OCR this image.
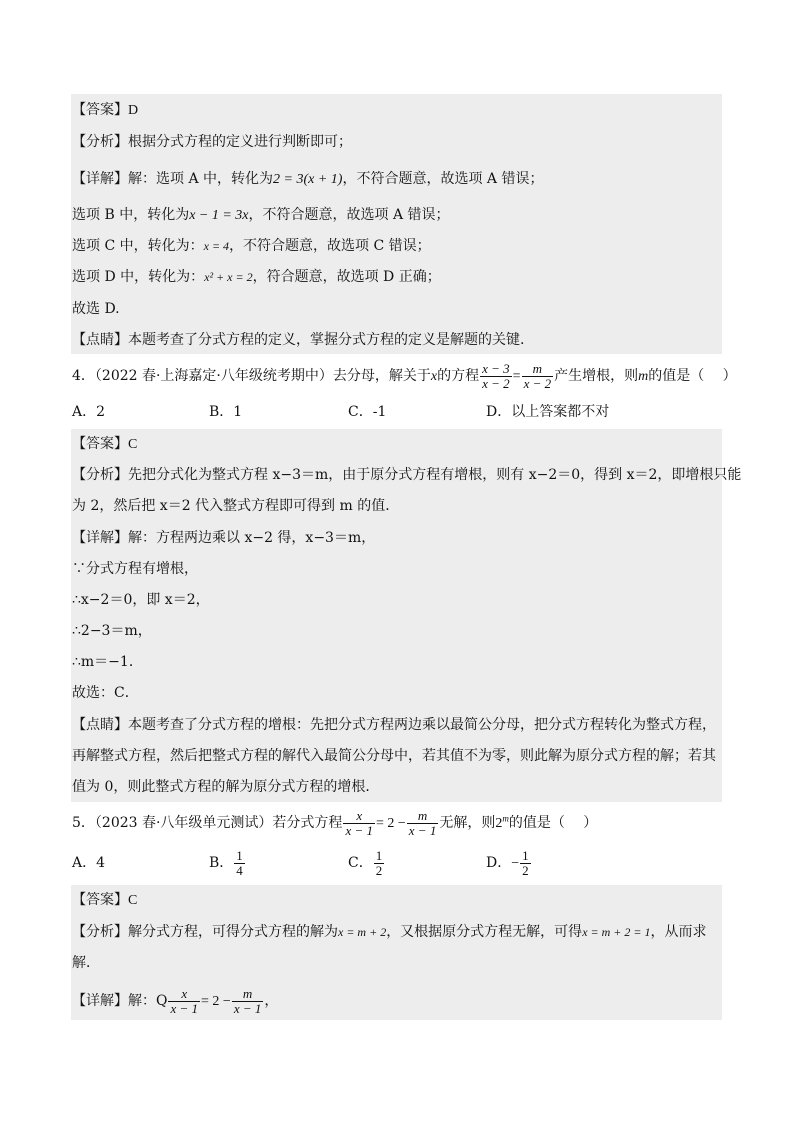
【答案】D
【分析】根据分式方程的定义进行判断即可；
【详解】解：选项 A 中，转化为2 = 3(x + 1)，不符合题意，故选项 A 错误；
选项 B 中，转化为x − 1 = 3x，不符合题意，故选项 A 错误；
选项 C 中，转化为：x = 4，不符合题意，故选项 C 错误；
选项 D 中，转化为：x² + x = 2，符合题意，故选项 D 正确；
故选 D.
【点睛】本题考查了分式方程的定义，掌握分式方程的定义是解题的关键.
4．（2022 春·上海嘉定·八年级统考期中）去分母，解关于x的方程 $\frac{x - 3}{x - 2} = \frac{m}{x - 2}$ 产生增根，则m的值是（　 ）
A．2	B．1	C．-1	D．以上答案都不对
【答案】C
【分析】先把分式化为整式方程 x−3＝m，由于原分式方程有增根，则有 x−2＝0，得到 x＝2，即增根只能
为 2，然后把 x＝2 代入整式方程即可得到 m 的值．
【详解】解：方程两边乘以 x−2 得，x−3＝m，
∵分式方程有增根，
∴x−2＝0，即 x＝2，
∴2−3＝m，
∴m＝−1．
故选：C．
【点睛】本题考查了分式方程的增根：先把分式方程两边乘以最简公分母，把分式方程转化为整式方程，
再解整式方程，然后把整式方程的解代入最简公分母中，若其值不为零，则此解为原分式方程的解；若其
值为 0，则此整式方程的解为原分式方程的增根．
5．（2023 春·八年级单元测试）若分式方程 $\frac{x}{x - 1} = 2 - \frac{m}{x - 1}$ 无解，则2$^m$的值是（　 ）
A．4	B． $\frac{1}{4}$	C． $\frac{1}{2}$	D．− $\frac{1}{2}$
【答案】C
【分析】解分式方程，可得分式方程的解为x = m + 2，又根据原分式方程无解，可得x = m + 2 = 1，从而求
解．
【详解】解：Q $\frac{x}{x - 1} = 2 - \frac{m}{x - 1}$ ，
